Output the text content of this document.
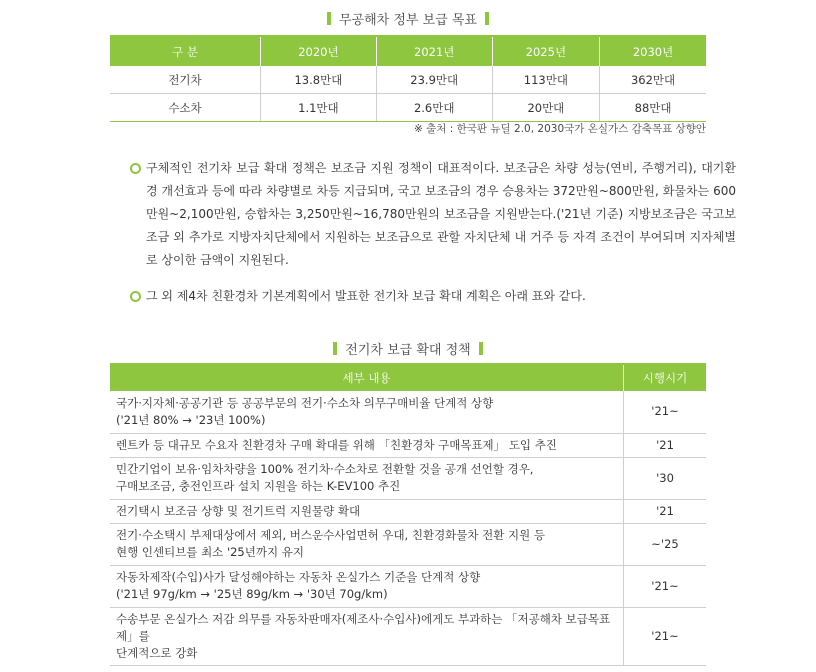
무공해차 정부 보급 목표
구 분	2020년	2021년	2025년	2030년
전기차	13.8만대	23.9만대	113만대	362만대
수소차	1.1만대	2.6만대	20만대	88만대
※ 출처 : 한국판 뉴딜 2.0, 2030국가 온실가스 감축목표 상향안
구체적인 전기차 보급 확대 정책은 보조금 지원 정책이 대표적이다. 보조금은 차량 성능(연비, 주행거리), 대기환경 개선효과 등에 따라 차량별로 차등 지급되며, 국고 보조금의 경우 승용차는 372만원~800만원, 화물차는 600만원~2,100만원, 승합차는 3,250만원~16,780만원의 보조금을 지원받는다.('21년 기준) 지방보조금은 국고보조금 외 추가로 지방자치단체에서 지원하는 보조금으로 관할 자치단체 내 거주 등 자격 조건이 부여되며 지자체별로 상이한 금액이 지원된다.
그 외 제4차 친환경차 기본계획에서 발표한 전기차 보급 확대 계획은 아래 표와 같다.
전기차 보급 확대 정책
세부 내용	시행시기
국가·지자체·공공기관 등 공공부문의 전기·수소차 의무구매비율 단계적 상향
('21년 80% → '23년 100%)	'21~
렌트카 등 대규모 수요자 친환경차 구매 확대를 위해 「친환경차 구매목표제」 도입 추진	'21
민간기업이 보유·임차차량을 100% 전기차·수소차로 전환할 것을 공개 선언할 경우,
구매보조금, 충전인프라 설치 지원을 하는 K-EV100 추진	'30
전기택시 보조금 상향 및 전기트럭 지원물량 확대	'21
전기·수소택시 부제대상에서 제외, 버스운수사업면허 우대, 친환경화물차 전환 지원 등
현행 인센티브를 최소 '25년까지 유지	~'25
자동차제작(수입)사가 달성해야하는 자동차 온실가스 기준을 단계적 상향
('21년 97g/km → '25년 89g/km → '30년 70g/km)	'21~
수송부문 온실가스 저감 의무를 자동차판매자(제조사·수입사)에게도 부과하는 「저공해차 보급목표제」를
단계적으로 강화	'21~
